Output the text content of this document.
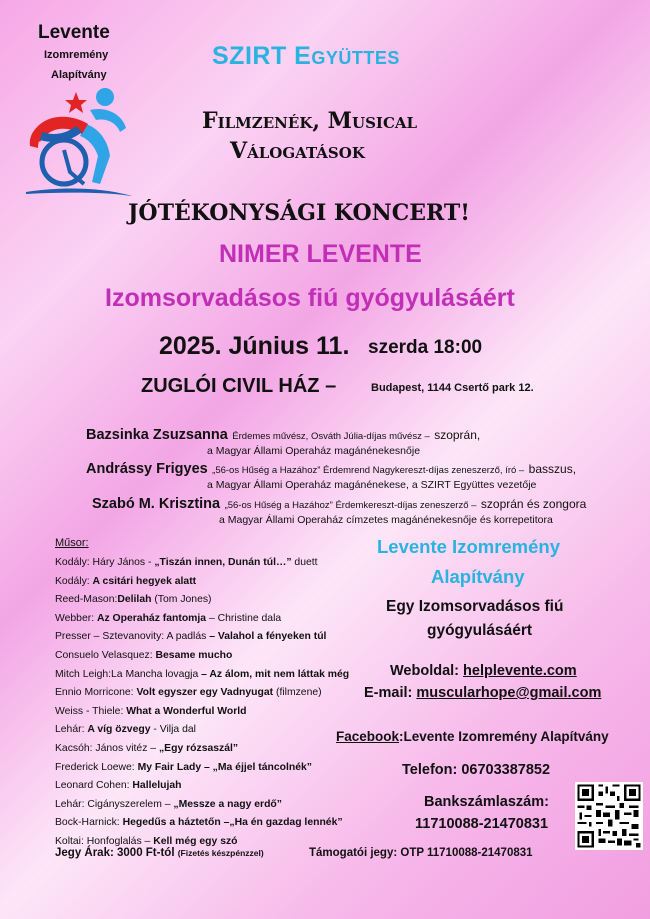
Levente
Izomremény
Alapítvány
SZIRT Együttes
Filmzenék, Musical
Válogatások
JÓTÉKONYSÁGI KONCERT!
NIMER LEVENTE
Izomsorvadásos fiú gyógyulásáért
2025. Június 11. szerda 18:00
ZUGLÓI CIVIL HÁZ –	Budapest, 1144 Csertő park 12.
Bazsinka Zsuzsanna Érdemes művész, Osváth Júlia-díjas művész – szoprán,
a Magyar Állami Operaház magánénekesnője
Andrássy Frigyes „56-os Hűség a Hazához” Érdemrend Nagykereszt-díjas zeneszerző, író – basszus,
a Magyar Állami Operaház magánénekese, a SZIRT Együttes vezetője
Szabó M. Krisztina „56-os Hűség a Hazához” Érdemkereszt-díjas zeneszerző – szoprán és zongora
a Magyar Állami Operaház címzetes magánénekesnője és korrepetitora
Műsor:
Kodály: Háry János - „Tiszán innen, Dunán túl…” duett
Kodály: A csitári hegyek alatt
Reed-Mason:Delilah (Tom Jones)
Webber: Az Operaház fantomja – Christine dala
Presser – Sztevanovity: A padlás – Valahol a fényeken túl
Consuelo Velasquez: Besame mucho
Mitch Leigh:La Mancha lovagja – Az álom, mit nem láttak még
Ennio Morricone: Volt egyszer egy Vadnyugat (filmzene)
Weiss - Thiele: What a Wonderful World
Lehár: A víg özvegy - Vilja dal
Kacsóh: János vitéz – „Egy rózsaszál”
Frederick Loewe: My Fair Lady – „Ma éjjel táncolnék”
Leonard Cohen: Hallelujah
Lehár: Cigányszerelem – „Messze a nagy erdő”
Bock-Harnick: Hegedűs a háztetőn –„Ha én gazdag lennék”
Koltai: Honfoglalás – Kell még egy szó
Levente Izomremény
Alapítvány
Egy Izomsorvadásos fiú
gyógyulásáért
Weboldal: helplevente.com
E-mail: muscularhope@gmail.com
Facebook:Levente Izomremény Alapítvány
Telefon: 06703387852
Bankszámlaszám:
11710088-21470831
Jegy Árak: 3000 Ft-tól (Fizetés készpénzzel)	Támogatói jegy: OTP 11710088-21470831
